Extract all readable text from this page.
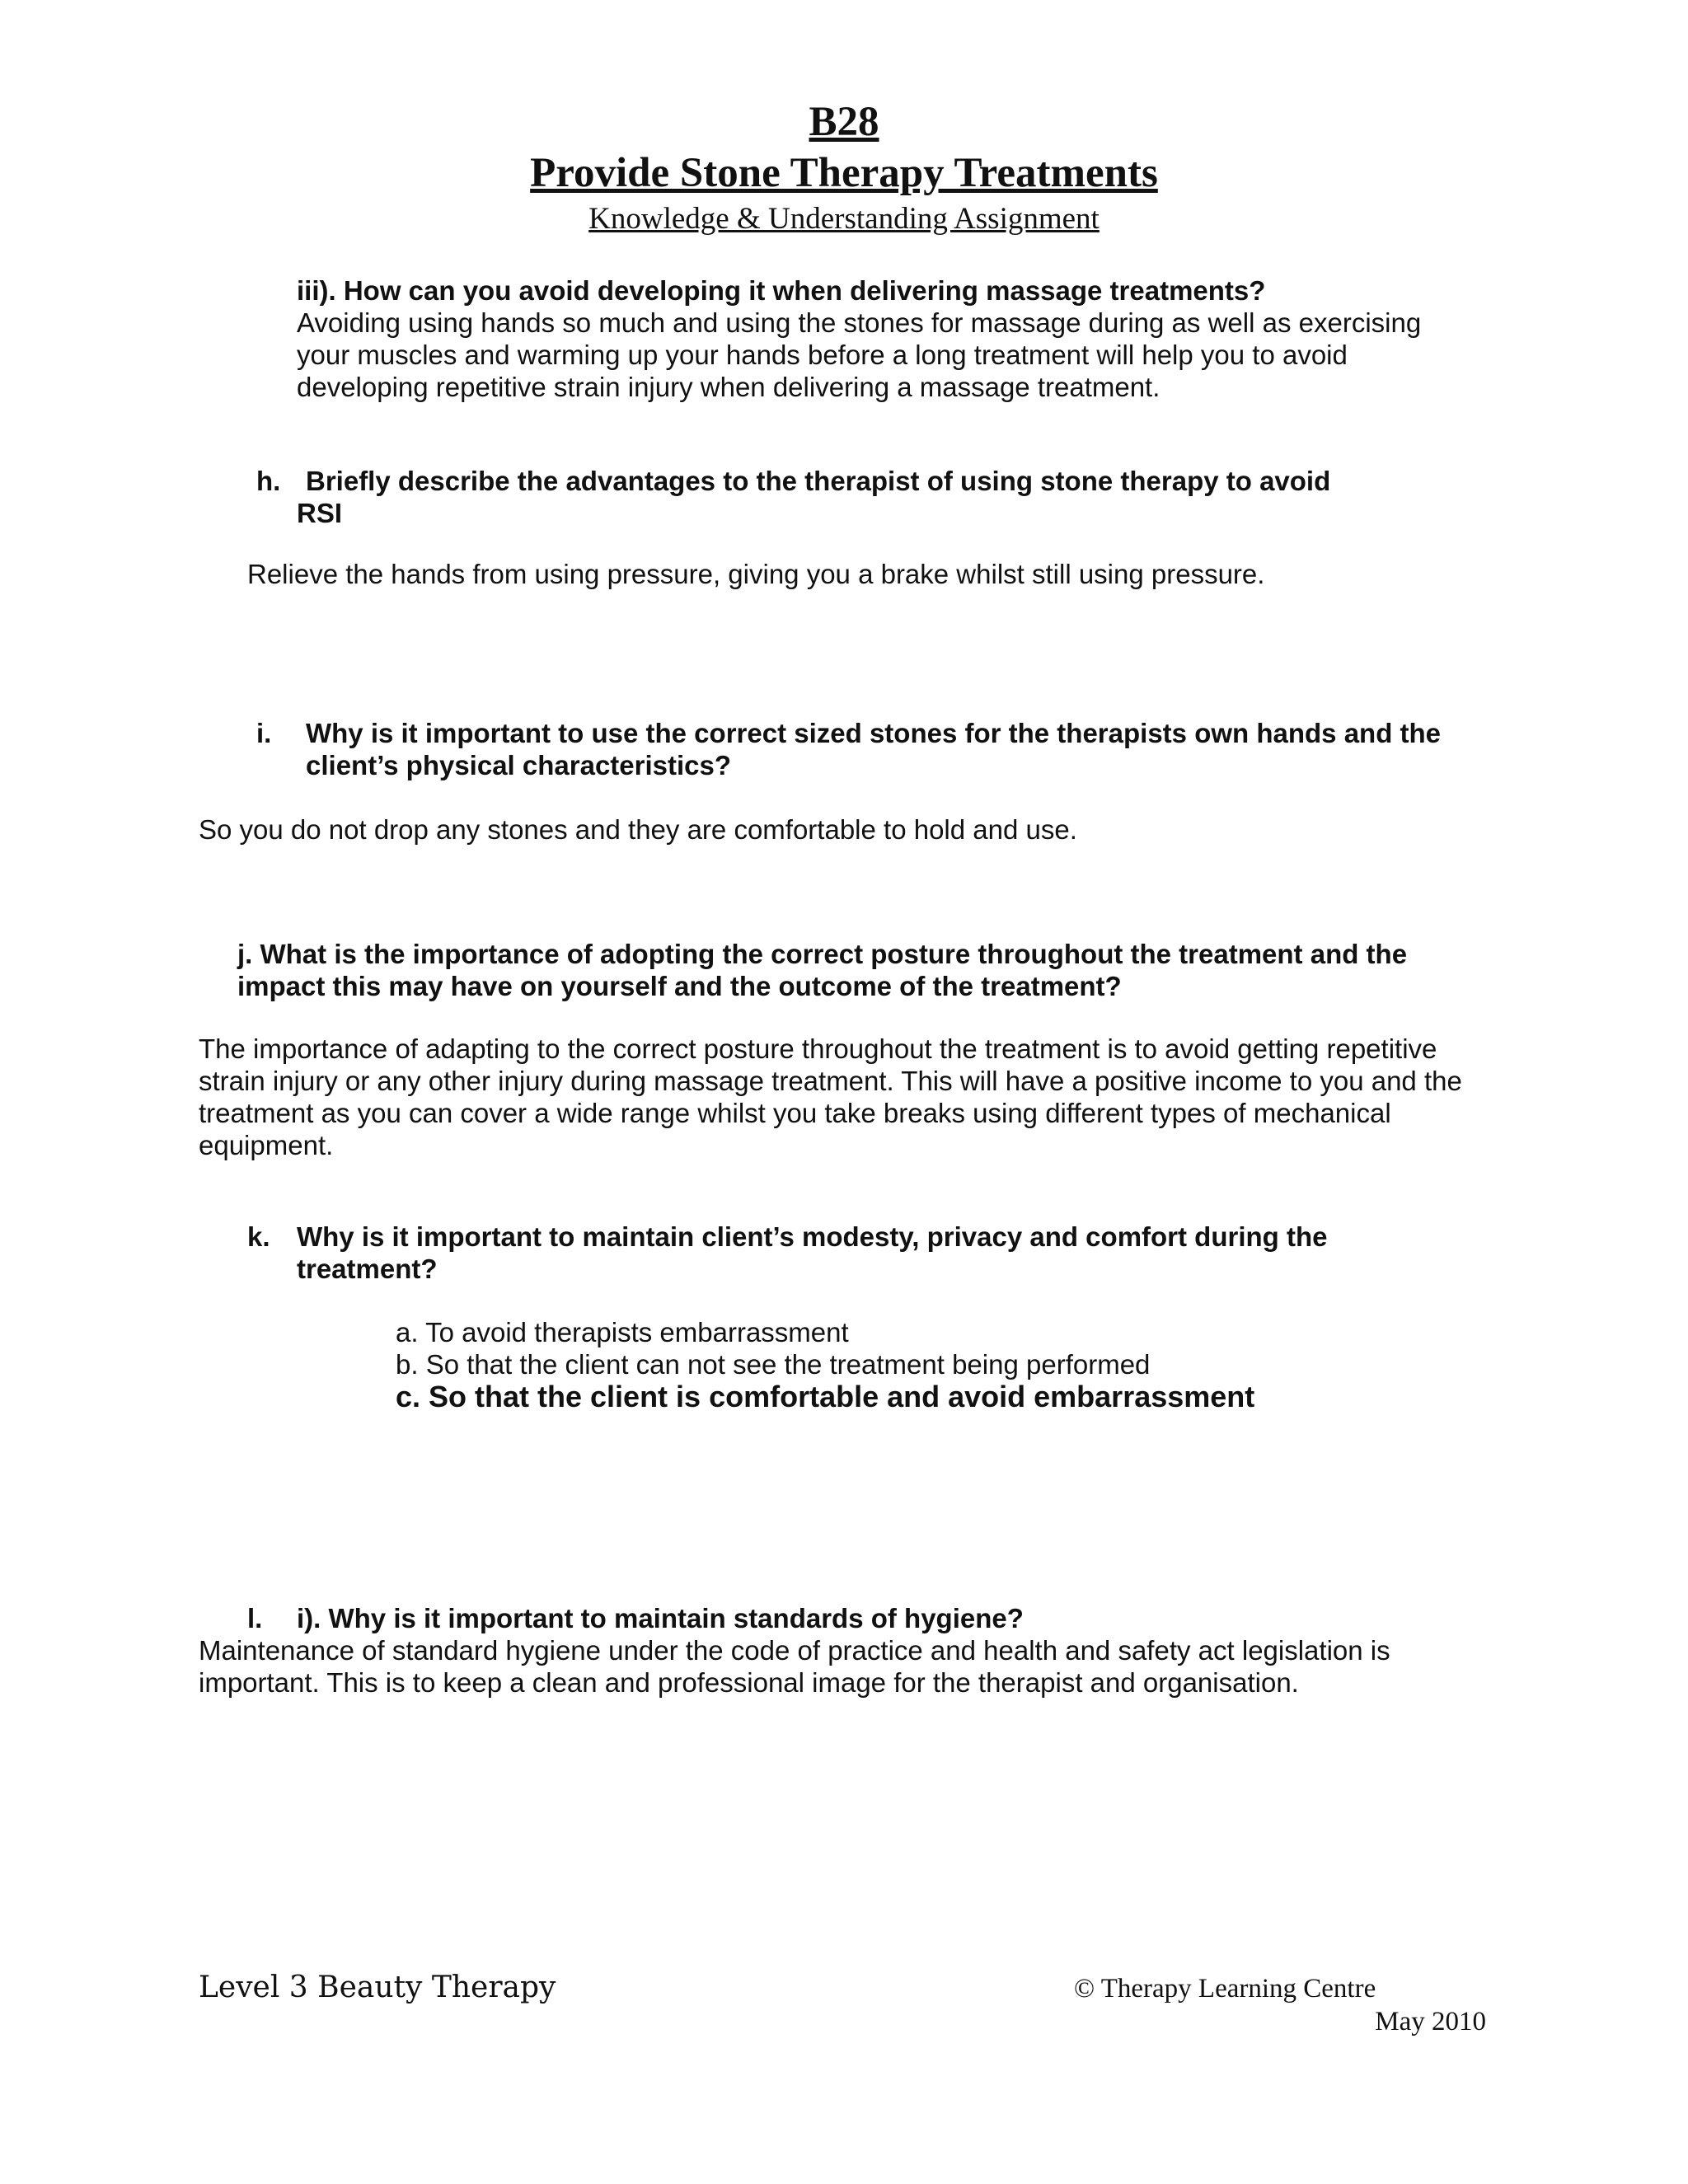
B28
Provide Stone Therapy Treatments
Knowledge & Understanding Assignment
iii). How can you avoid developing it when delivering massage treatments?
Avoiding using hands so much and using the stones for massage during as well as exercising
your muscles and warming up your hands before a long treatment will help you to avoid
developing repetitive strain injury when delivering a massage treatment.
h. Briefly describe the advantages to the therapist of using stone therapy to avoid
RSI
Relieve the hands from using pressure, giving you a brake whilst still using pressure.
i. Why is it important to use the correct sized stones for the therapists own hands and the
client’s physical characteristics?
So you do not drop any stones and they are comfortable to hold and use.
j. What is the importance of adopting the correct posture throughout the treatment and the
impact this may have on yourself and the outcome of the treatment?
The importance of adapting to the correct posture throughout the treatment is to avoid getting repetitive
strain injury or any other injury during massage treatment. This will have a positive income to you and the
treatment as you can cover a wide range whilst you take breaks using different types of mechanical
equipment.
k. Why is it important to maintain client’s modesty, privacy and comfort during the
treatment?
a. To avoid therapists embarrassment
b. So that the client can not see the treatment being performed
c. So that the client is comfortable and avoid embarrassment
l. i). Why is it important to maintain standards of hygiene?
Maintenance of standard hygiene under the code of practice and health and safety act legislation is
important. This is to keep a clean and professional image for the therapist and organisation.
Level 3 Beauty Therapy	© Therapy Learning Centre
May 2010
